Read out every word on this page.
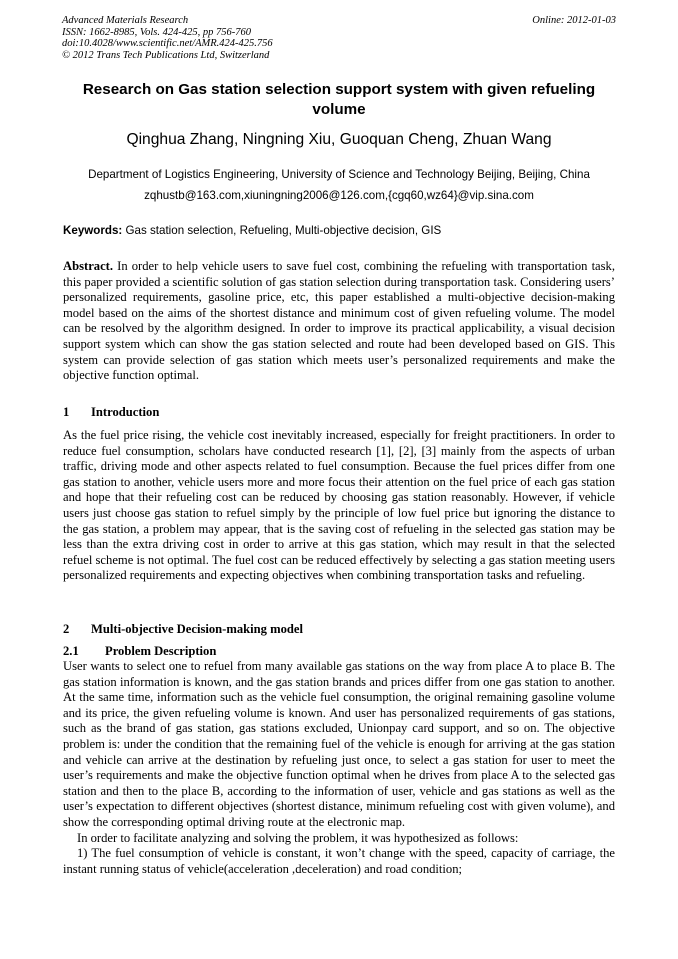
Advanced Materials Research
ISSN: 1662-8985, Vols. 424-425, pp 756-760
doi:10.4028/www.scientific.net/AMR.424-425.756
© 2012 Trans Tech Publications Ltd, Switzerland
Online: 2012-01-03
Research on Gas station selection support system with given refueling volume
Qinghua Zhang, Ningning Xiu, Guoquan Cheng, Zhuan Wang
Department of Logistics Engineering, University of Science and Technology Beijing, Beijing, China
zqhustb@163.com,xiuningning2006@126.com,{cgq60,wz64}@vip.sina.com
Keywords: Gas station selection, Refueling, Multi-objective decision, GIS
Abstract. In order to help vehicle users to save fuel cost, combining the refueling with transportation task, this paper provided a scientific solution of gas station selection during transportation task. Considering users’ personalized requirements, gasoline price, etc, this paper established a multi-objective decision-making model based on the aims of the shortest distance and minimum cost of given refueling volume. The model can be resolved by the algorithm designed. In order to improve its practical applicability, a visual decision support system which can show the gas station selected and route had been developed based on GIS. This system can provide selection of gas station which meets user’s personalized requirements and make the objective function optimal.
1 Introduction

As the fuel price rising, the vehicle cost inevitably increased, especially for freight practitioners. In order to reduce fuel consumption, scholars have conducted research [1], [2], [3] mainly from the aspects of urban traffic, driving mode and other aspects related to fuel consumption. Because the fuel prices differ from one gas station to another, vehicle users more and more focus their attention on the fuel price of each gas station and hope that their refueling cost can be reduced by choosing gas station reasonably. However, if vehicle users just choose gas station to refuel simply by the principle of low fuel price but ignoring the distance to the gas station, a problem may appear, that is the saving cost of refueling in the selected gas station may be less than the extra driving cost in order to arrive at this gas station, which may result in that the selected refuel scheme is not optimal. The fuel cost can be reduced effectively by selecting a gas station meeting users personalized requirements and expecting objectives when combining transportation tasks and refueling.

2 Multi-objective Decision-making model
2.1 Problem Description

User wants to select one to refuel from many available gas stations on the way from place A to place B. The gas station information is known, and the gas station brands and prices differ from one gas station to another. At the same time, information such as the vehicle fuel consumption, the original remaining gasoline volume and its price, the given refueling volume is known. And user has personalized requirements of gas stations, such as the brand of gas station, gas stations excluded, Unionpay card support, and so on. The objective problem is: under the condition that the remaining fuel of the vehicle is enough for arriving at the gas station and vehicle can arrive at the destination by refueling just once, to select a gas station for user to meet the user’s requirements and make the objective function optimal when he drives from place A to the selected gas station and then to the place B, according to the information of user, vehicle and gas stations as well as the user’s expectation to different objectives (shortest distance, minimum refueling cost with given volume), and show the corresponding optimal driving route at the electronic map.

In order to facilitate analyzing and solving the problem, it was hypothesized as follows:

1) The fuel consumption of vehicle is constant, it won’t change with the speed, capacity of carriage, the instant running status of vehicle(acceleration ,deceleration) and road condition;
